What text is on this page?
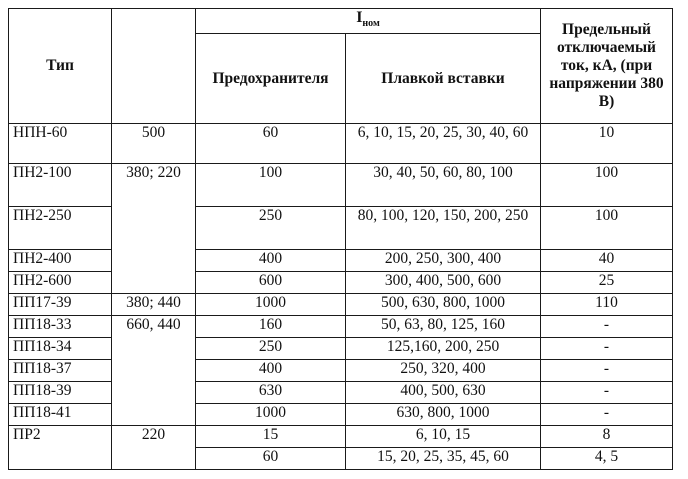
Тип		$I_{ном}$		Предельный отключаемый ток, кА, (при напряжении 380 В)
		Предохранителя	Плавкой вставки	
НПН-60	500	60	6, 10, 15, 20, 25, 30, 40, 60	10
ПН2-100	380; 220	100	30, 40, 50, 60, 80, 100	100
ПН2-250		250	80, 100, 120, 150, 200, 250	100
ПН2-400		400	200, 250, 300, 400	40
ПН2-600		600	300, 400, 500, 600	25
ПП17-39	380; 440	1000	500, 630, 800, 1000	110
ПП18-33	660, 440	160	50, 63, 80, 125, 160	-
ПП18-34		250	125,160, 200, 250	-
ПП18-37		400	250, 320, 400	-
ПП18-39		630	400, 500, 630	-
ПП18-41		1000	630, 800, 1000	-
ПР2	220	15	6, 10, 15	8
		60	15, 20, 25, 35, 45, 60	4, 5
